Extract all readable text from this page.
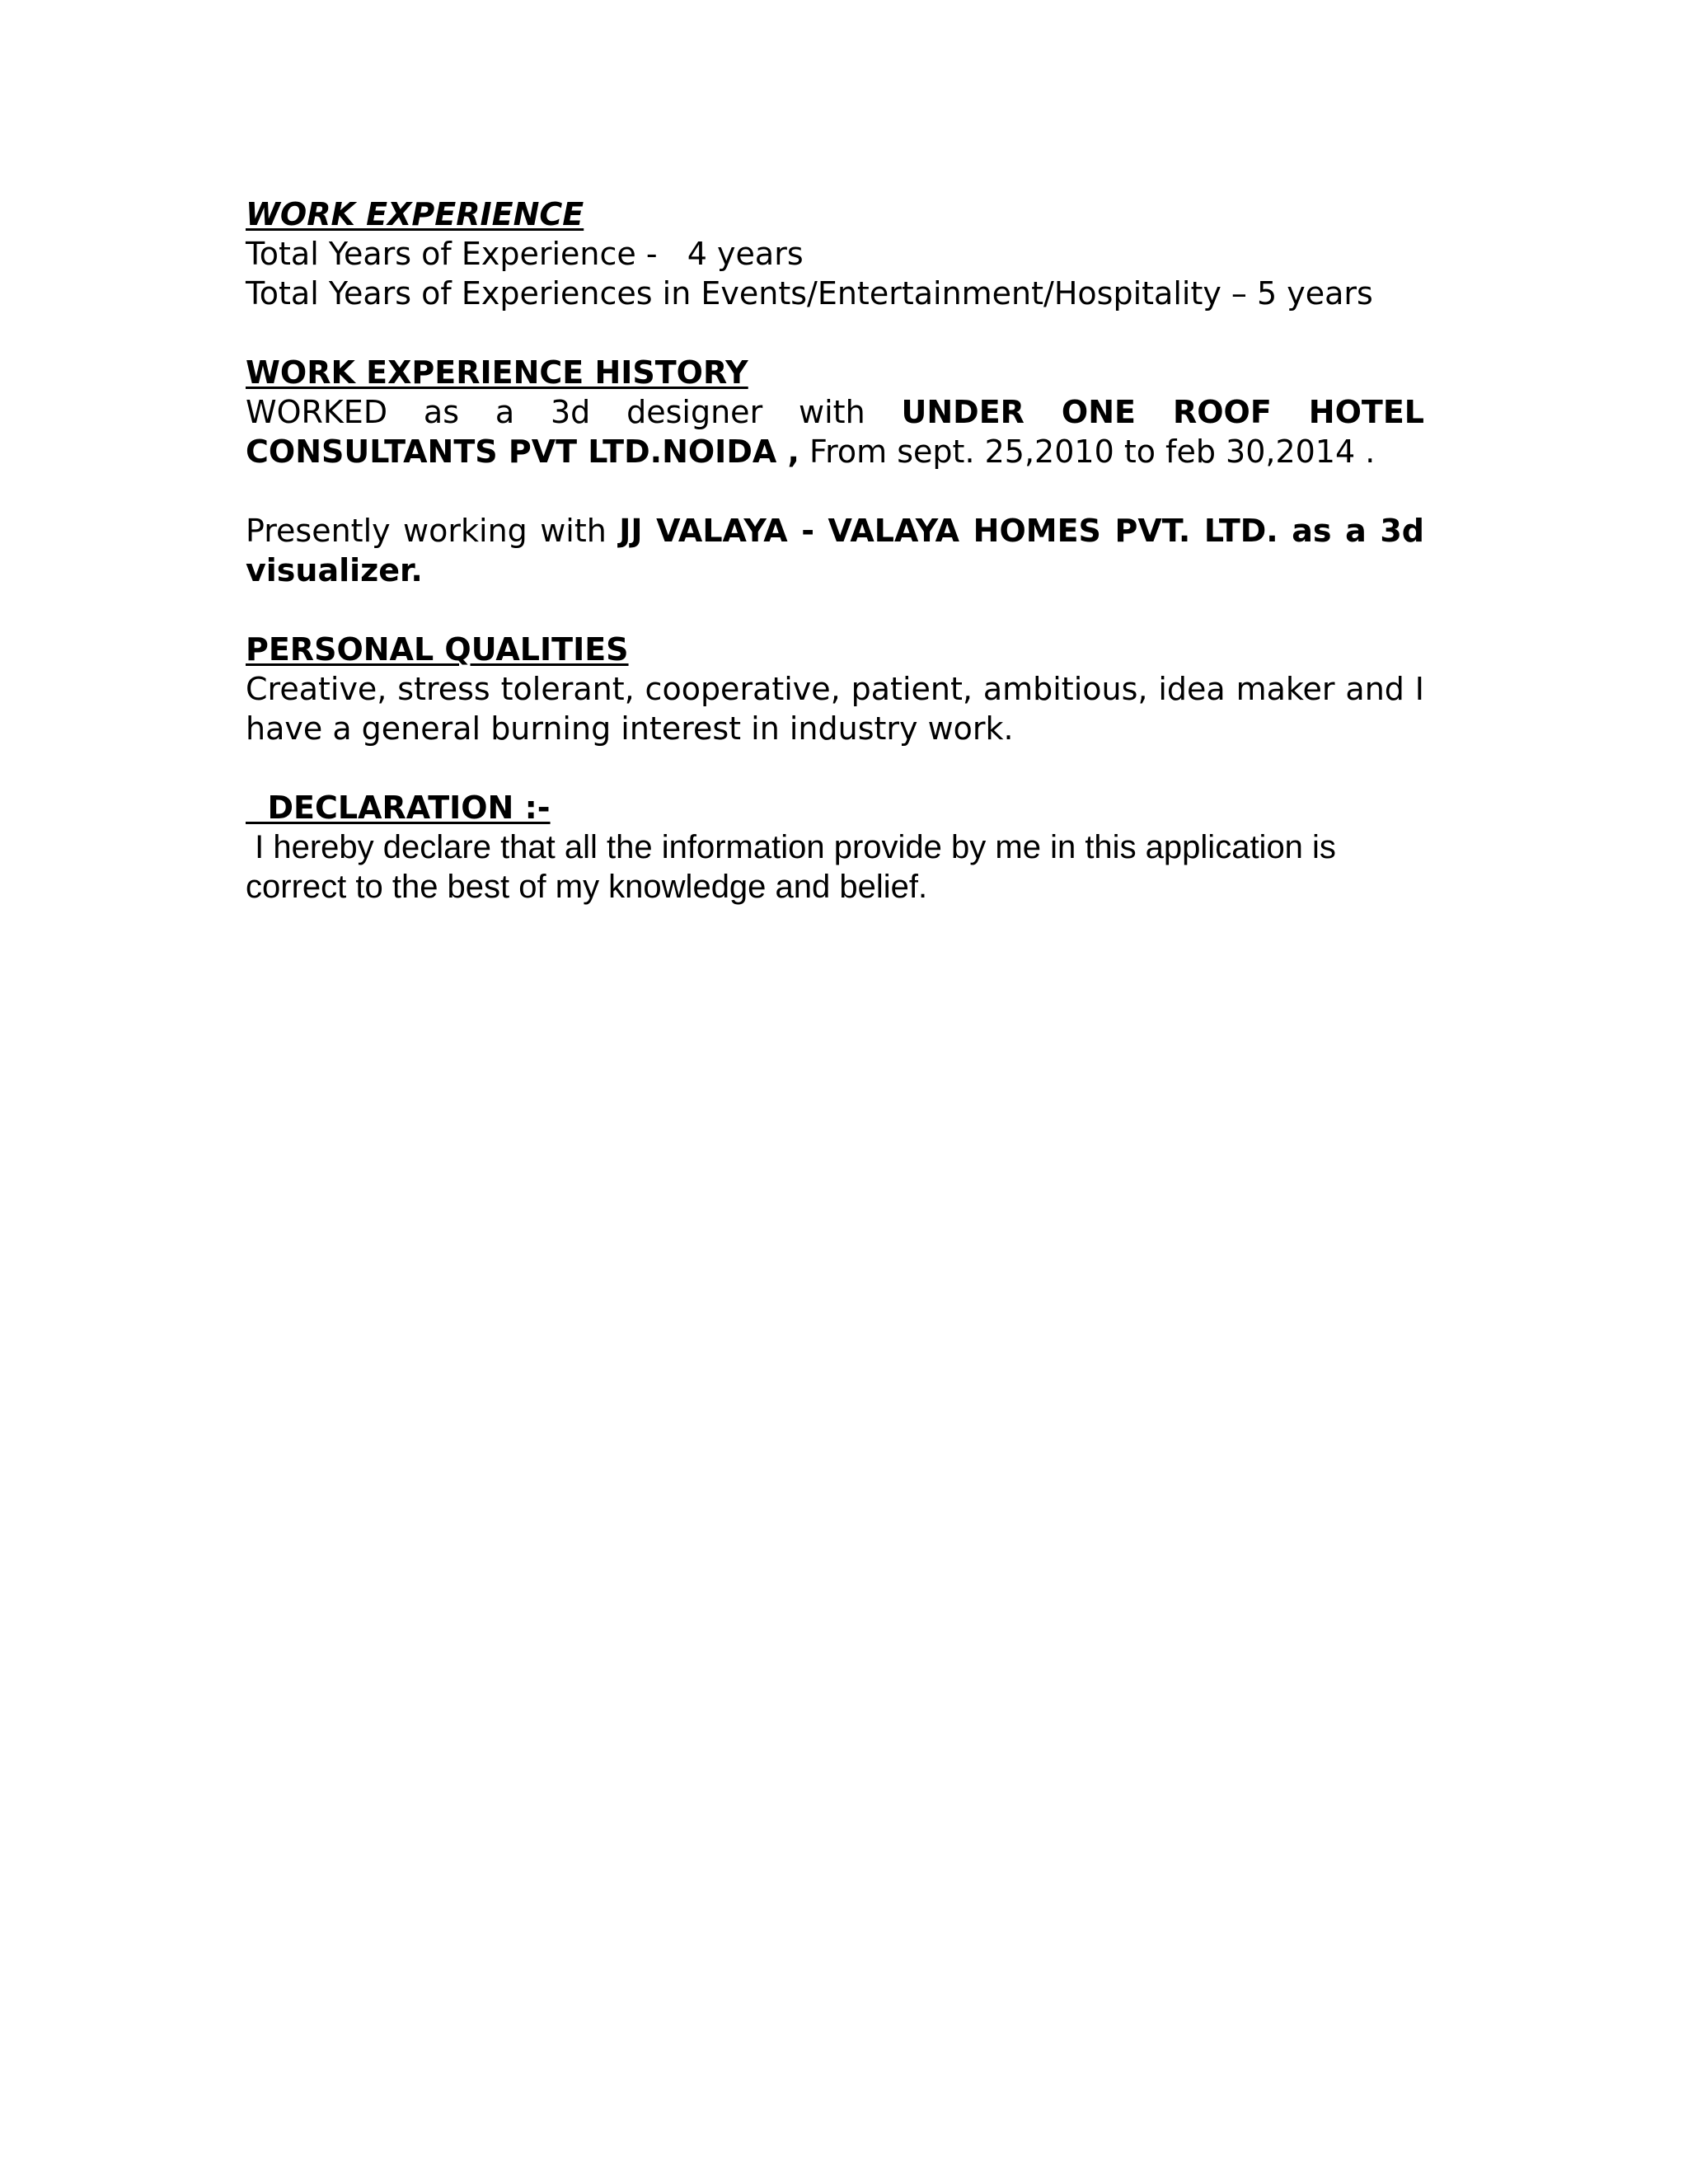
WORK EXPERIENCE
Total Years of Experience -   4 years
Total Years of Experiences in Events/Entertainment/Hospitality – 5 years
WORK EXPERIENCE HISTORY
WORKED as a 3d designer with UNDER ONE ROOF HOTEL CONSULTANTS PVT LTD.NOIDA , From sept. 25,2010 to feb 30,2014 .
Presently working with JJ VALAYA - VALAYA HOMES PVT. LTD. as a 3d visualizer.
PERSONAL QUALITIES
Creative, stress tolerant, cooperative, patient, ambitious, idea maker and I have a general burning interest in industry work.
DECLARATION :-
I hereby declare that all the information provide by me in this application is
correct to the best of my knowledge and belief.
